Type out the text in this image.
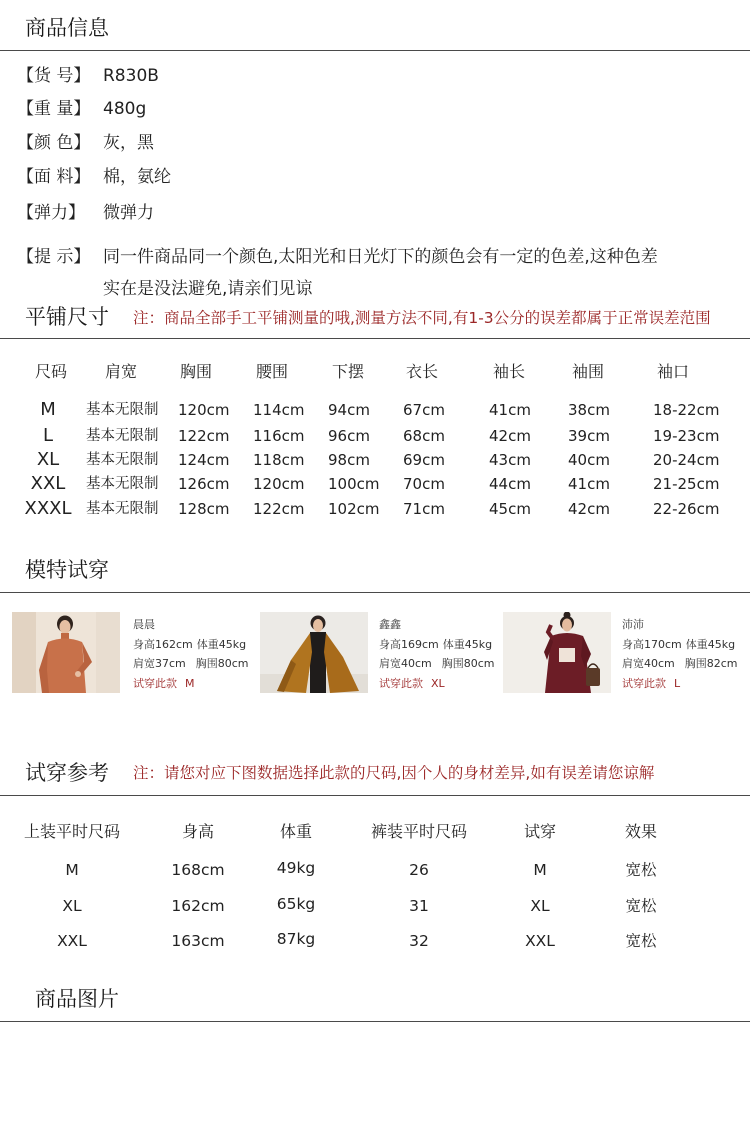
商品信息
【货 号】 R830B
【重 量】 480g
【颜 色】 灰，黑
【面 料】 棉，氨纶
【弹力】 微弹力
【提 示】 同一件商品同一个颜色,太阳光和日光灯下的颜色会有一定的色差,这种色差
实在是没法避免,请亲们见谅
平铺尺寸 注：商品全部手工平铺测量的哦,测量方法不同,有1-3公分的误差都属于正常误差范围
尺码 肩宽	胸围	腰围	下摆	衣长	袖长	袖围	袖口
M	基本无限制 120cm 114cm 94cm 67cm	41cm 38cm	18-22cm
L	基本无限制 122cm 116cm 96cm 68cm	42cm 39cm	19-23cm
XL	基本无限制 124cm 118cm 98cm 69cm	43cm 40cm	20-24cm
XXL	基本无限制 126cm 120cm 100cm 70cm	44cm 41cm	21-25cm
XXXL 基本无限制 128cm 122cm 102cm 71cm	45cm 42cm	22-26cm
模特试穿
晨晨
身高162cm 体重45kg
肩宽37cm 胸围80cm
试穿此款 M
鑫鑫
身高169cm 体重45kg
肩宽40cm 胸围80cm
试穿此款 XL
沛沛
身高170cm 体重45kg
肩宽40cm 胸围82cm
试穿此款 L
试穿参考 注：请您对应下图数据选择此款的尺码,因个人的身材差异,如有误差请您谅解
上装平时尺码	身高	体重	裤装平时尺码	试穿	效果
M	168cm	49kg	26	M	宽松
XL	162cm	65kg	31	XL	宽松
XXL	163cm	87kg	32	XXL	宽松
商品图片
